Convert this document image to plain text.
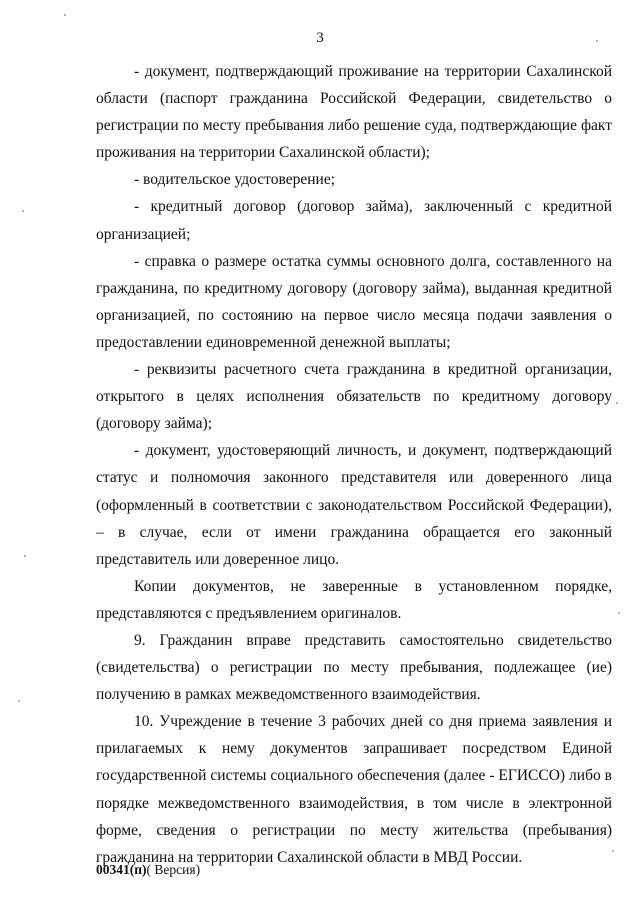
3

- документ, подтверждающий проживание на территории Сахалинской области (паспорт гражданина Российской Федерации, свидетельство о регистрации по месту пребывания либо решение суда, подтверждающие факт проживания на территории Сахалинской области);

- водительское удостоверение;

- кредитный договор (договор займа), заключенный с кредитной организацией;

- справка о размере остатка суммы основного долга, составленного на гражданина, по кредитному договору (договору займа), выданная кредитной организацией, по состоянию на первое число месяца подачи заявления о предоставлении единовременной денежной выплаты;

- реквизиты расчетного счета гражданина в кредитной организации, открытого в целях исполнения обязательств по кредитному договору (договору займа);

- документ, удостоверяющий личность, и документ, подтверждающий статус и полномочия законного представителя или доверенного лица (оформленный в соответствии с законодательством Российской Федерации), – в случае, если от имени гражданина обращается его законный представитель или доверенное лицо.

Копии документов, не заверенные в установленном порядке, представляются с предъявлением оригиналов.

9. Гражданин вправе представить самостоятельно свидетельство (свидетельства) о регистрации по месту пребывания, подлежащее (ие) получению в рамках межведомственного взаимодействия.

10. Учреждение в течение 3 рабочих дней со дня приема заявления и прилагаемых к нему документов запрашивает посредством Единой государственной системы социального обеспечения (далее - ЕГИССО) либо в порядке межведомственного взаимодействия, в том числе в электронной форме, сведения о регистрации по месту жительства (пребывания) гражданина на территории Сахалинской области в МВД России.

00341(п)( Версия)
